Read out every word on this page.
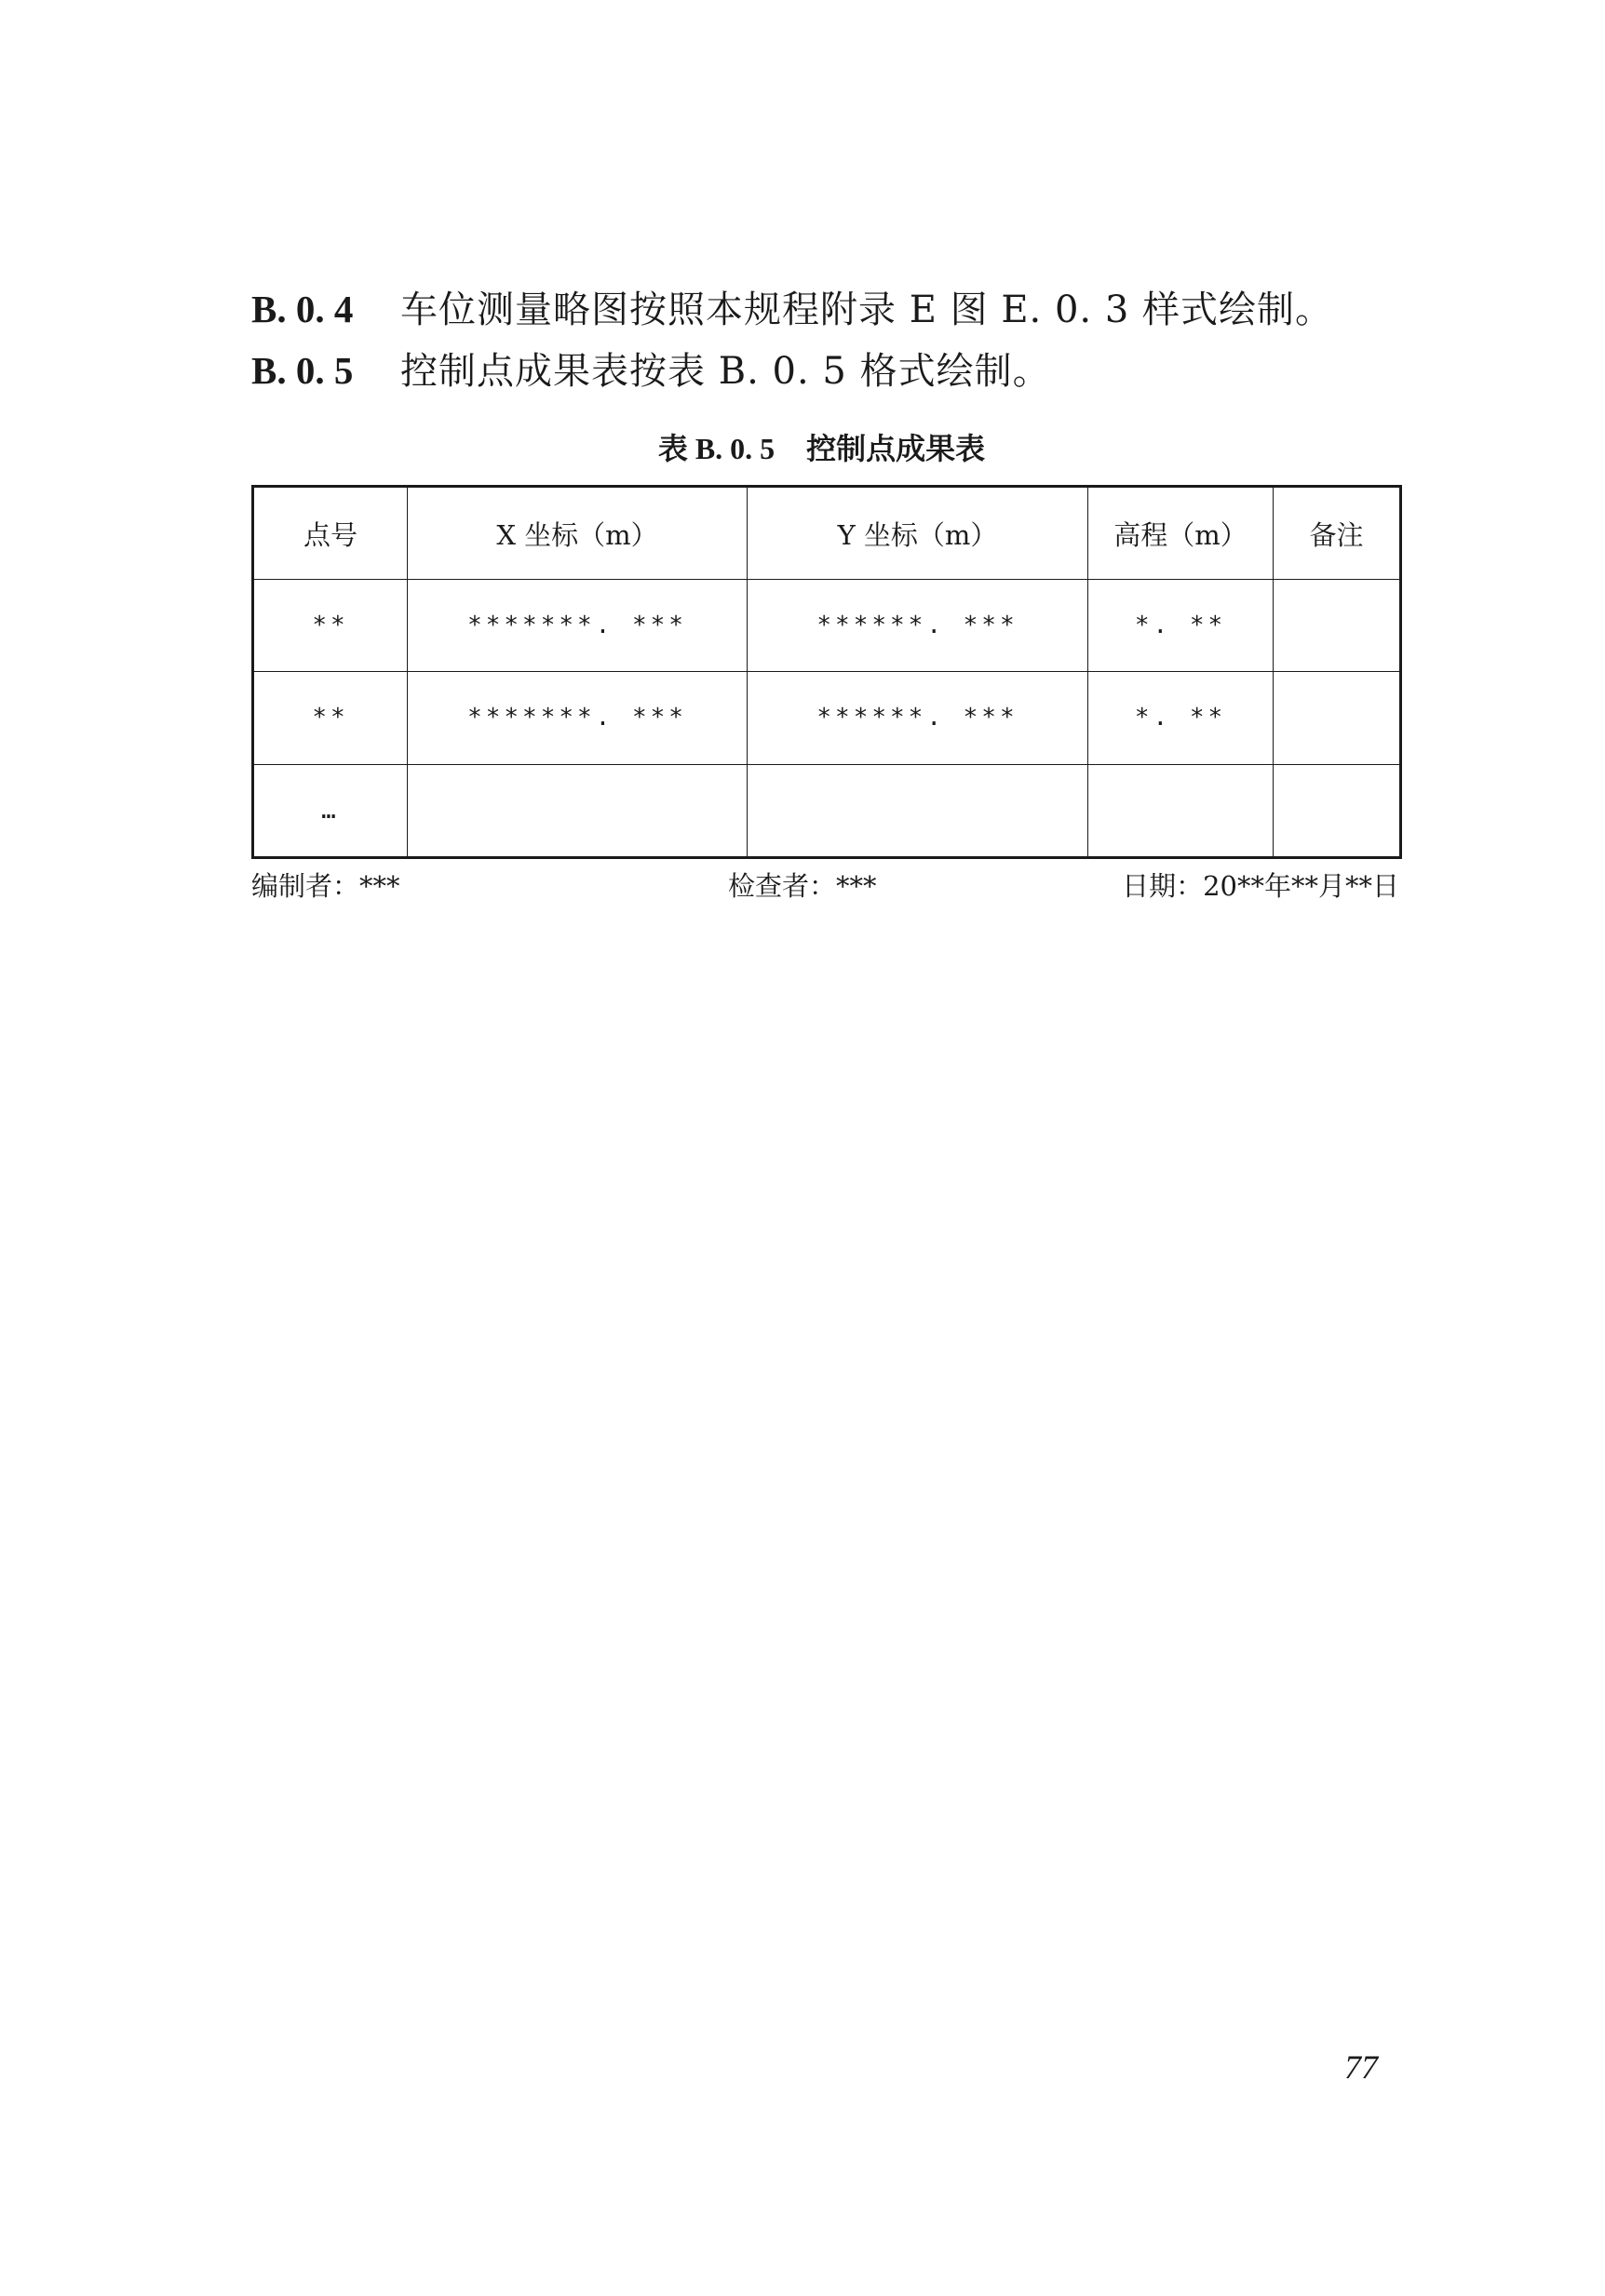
B. 0. 4 车位测量略图按照本规程附录 E 图 E. 0. 3 样式绘制。
B. 0. 5 控制点成果表按表 B. 0. 5 格式绘制。
表 B. 0. 5 控制点成果表
点号	X 坐标（m）	Y 坐标（m）	高程（m）	备注
**	*******. ***	******. ***	*. **	
**	*******. ***	******. ***	*. **	
…				
编制者：***	检查者：***	日期：20**年**月**日
77
